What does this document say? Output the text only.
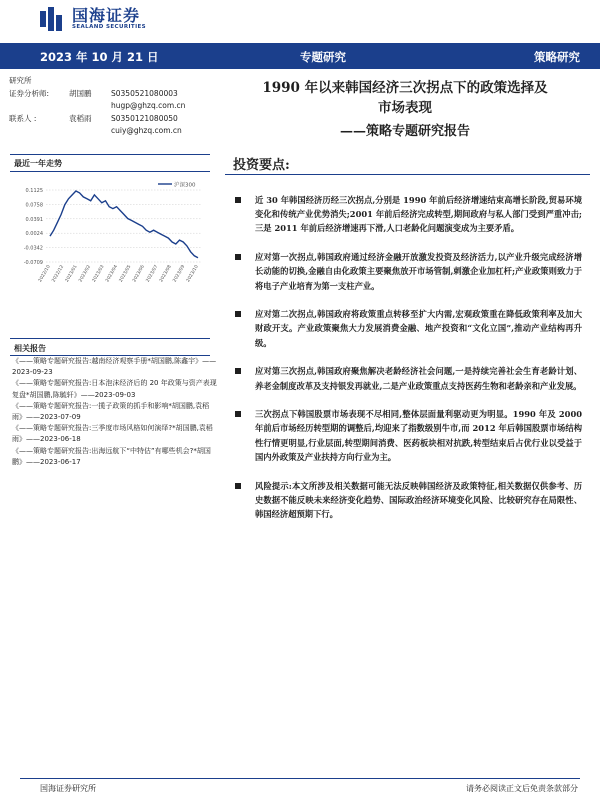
国海证券
SEALAND SECURITIES
2023 年 10 月 21 日	专题研究	策略研究
研究所
证券分析师:	胡国鹏	S0350521080003
hugp@ghzq.com.cn
联系人 :	袁稻雨	S0350121080050
cuiy@ghzq.com.cn
1990 年以来韩国经济三次拐点下的政策选择及
市场表现
——策略专题研究报告
最近一年走势
0.1125
0.0758
0.0391
0.0024
-0.0342
-0.0709
2022/10 2022/12 2023/01 2023/02 2023/03 2023/04 2023/05 2023/06 2023/07 2023/08 2023/09 2023/10
沪深300
相关报告
《——策略专题研究报告:越南经济观察手册*胡国鹏,陈鑫宇》——2023-09-23
《——策略专题研究报告:日本泡沫经济后的 20 年政策与资产表现复盘*胡国鹏,陈毓轩》——2023-09-03
《——策略专题研究报告:一揽子政策的抓手和影响*胡国鹏,袁稻雨》——2023-07-09
《——策略专题研究报告:三季度市场风格如何演绎?*胡国鹏,袁稻雨》——2023-06-18
《——策略专题研究报告:出海远航下“中特估”有哪些机会?*胡国鹏》——2023-06-17
投资要点:
近 30 年韩国经济历经三次拐点,分别是 1990 年前后经济增速结束高增长阶段,贸易环境变化和传统产业优势消失;2001 年前后经济完成转型,期间政府与私人部门受到严重冲击;三是 2011 年前后经济增速再下滑,人口老龄化问题演变成为主要矛盾。
应对第一次拐点,韩国政府通过经济金融开放激发投资及经济活力,以产业升级完成经济增长动能的切换,金融自由化政策主要聚焦放开市场管制,刺激企业加杠杆;产业政策则致力于将电子产业培育为第一支柱产业。
应对第二次拐点,韩国政府将政策重点转移至扩大内需,宏观政策重在降低政策利率及加大财政开支。产业政策聚焦大力发展消费金融、地产投资和“文化立国”,推动产业结构再升级。
应对第三次拐点,韩国政府聚焦解决老龄经济社会问题,一是持续完善社会生育老龄计划、养老金制度改革及支持银发再就业,二是产业政策重点支持医药生物和老龄亲和产业发展。
三次拐点下韩国股票市场表现不尽相同,整体层面量利驱动更为明显。1990 年及 2000 年前后市场经历转型期的调整后,均迎来了指数级别牛市,而 2012 年后韩国股票市场结构性行情更明显,行业层面,转型期间消费、医药板块相对抗跌,转型结束后占优行业以受益于国内外政策及产业扶持方向行业为主。
风险提示:本文所涉及相关数据可能无法反映韩国经济及政策特征,相关数据仅供参考、历史数据不能反映未来经济变化趋势、国际政治经济环境变化风险、比较研究存在局限性、韩国经济超预期下行。
国海证券研究所	请务必阅读正文后免责条款部分
